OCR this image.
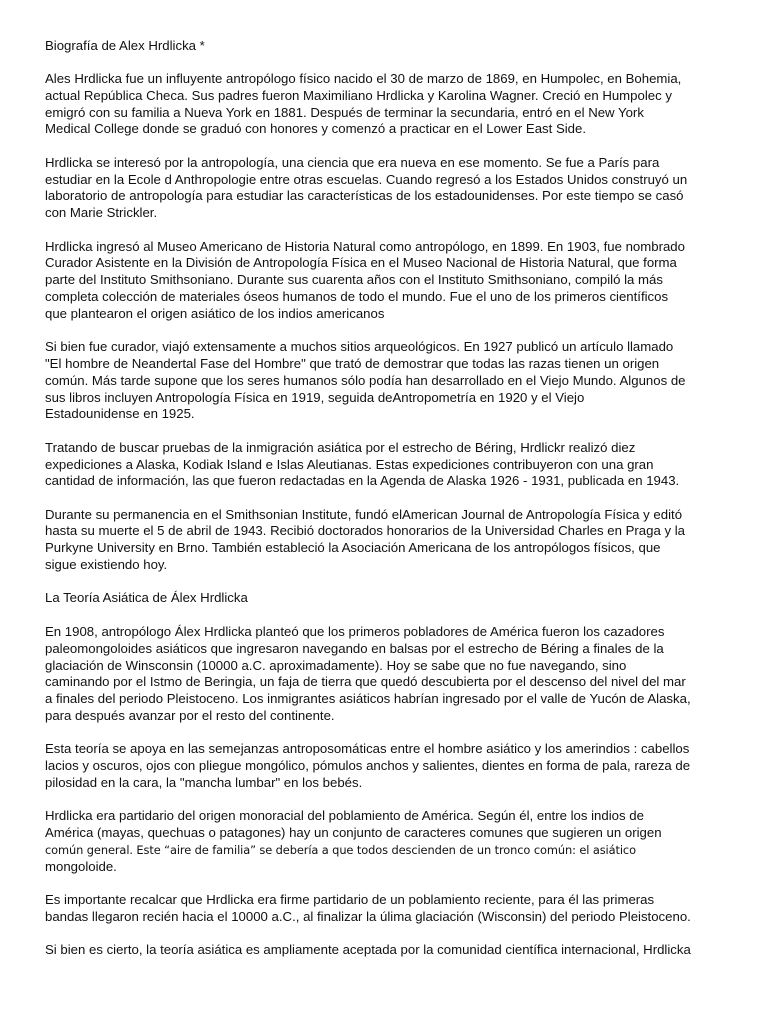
Biografía de Alex Hrdlicka *
Ales Hrdlicka fue un influyente antropólogo físico nacido el 30 de marzo de 1869, en Humpolec, en Bohemia,
actual República Checa. Sus padres fueron Maximiliano Hrdlicka y Karolina Wagner. Creció en Humpolec y
emigró con su familia a Nueva York en 1881. Después de terminar la secundaria, entró en el New York
Medical College donde se graduó con honores y comenzó a practicar en el Lower East Side.
Hrdlicka se interesó por la antropología, una ciencia que era nueva en ese momento. Se fue a París para
estudiar en la Ecole d Anthropologie entre otras escuelas. Cuando regresó a los Estados Unidos construyó un
laboratorio de antropología para estudiar las características de los estadounidenses. Por este tiempo se casó
con Marie Strickler.
Hrdlicka ingresó al Museo Americano de Historia Natural como antropólogo, en 1899. En 1903, fue nombrado
Curador Asistente en la División de Antropología Física en el Museo Nacional de Historia Natural, que forma
parte del Instituto Smithsoniano. Durante sus cuarenta años con el Instituto Smithsoniano, compiló la más
completa colección de materiales óseos humanos de todo el mundo. Fue el uno de los primeros científicos
que plantearon el origen asiático de los indios americanos
Si bien fue curador, viajó extensamente a muchos sitios arqueológicos. En 1927 publicó un artículo llamado
"El hombre de Neandertal Fase del Hombre" que trató de demostrar que todas las razas tienen un origen
común. Más tarde supone que los seres humanos sólo podía han desarrollado en el Viejo Mundo. Algunos de
sus libros incluyen Antropología Física en 1919, seguida deAntropometría en 1920 y el Viejo
Estadounidense en 1925.
Tratando de buscar pruebas de la inmigración asiática por el estrecho de Béring, Hrdlickr realizó diez
expediciones a Alaska, Kodiak Island e Islas Aleutianas. Estas expediciones contribuyeron con una gran
cantidad de información, las que fueron redactadas en la Agenda de Alaska 1926 - 1931, publicada en 1943.
Durante su permanencia en el Smithsonian Institute, fundó elAmerican Journal de Antropología Física y editó
hasta su muerte el 5 de abril de 1943. Recibió doctorados honorarios de la Universidad Charles en Praga y la
Purkyne University en Brno. También estableció la Asociación Americana de los antropólogos físicos, que
sigue existiendo hoy.
La Teoría Asiática de Álex Hrdlicka
En 1908, antropólogo Álex Hrdlicka planteó que los primeros pobladores de América fueron los cazadores
paleomongoloides asiáticos que ingresaron navegando en balsas por el estrecho de Béring a finales de la
glaciación de Winsconsin (10000 a.C. aproximadamente). Hoy se sabe que no fue navegando, sino
caminando por el Istmo de Beringia, un faja de tierra que quedó descubierta por el descenso del nivel del mar
a finales del periodo Pleistoceno. Los inmigrantes asiáticos habrían ingresado por el valle de Yucón de Alaska,
para después avanzar por el resto del continente.
Esta teoría se apoya en las semejanzas antroposomáticas entre el hombre asiático y los amerindios : cabellos
lacios y oscuros, ojos con pliegue mongólico, pómulos anchos y salientes, dientes en forma de pala, rareza de
pilosidad en la cara, la "mancha lumbar" en los bebés.
Hrdlicka era partidario del origen monoracial del poblamiento de América. Según él, entre los indios de
América (mayas, quechuas o patagones) hay un conjunto de caracteres comunes que sugieren un origen
común general. Este “aire de familia” se debería a que todos descienden de un tronco común: el asiático
mongoloide.
Es importante recalcar que Hrdlicka era firme partidario de un poblamiento reciente, para él las primeras
bandas llegaron recién hacia el 10000 a.C., al finalizar la úlima glaciación (Wisconsin) del periodo Pleistoceno.
Si bien es cierto, la teoría asiática es ampliamente aceptada por la comunidad científica internacional, Hrdlicka
